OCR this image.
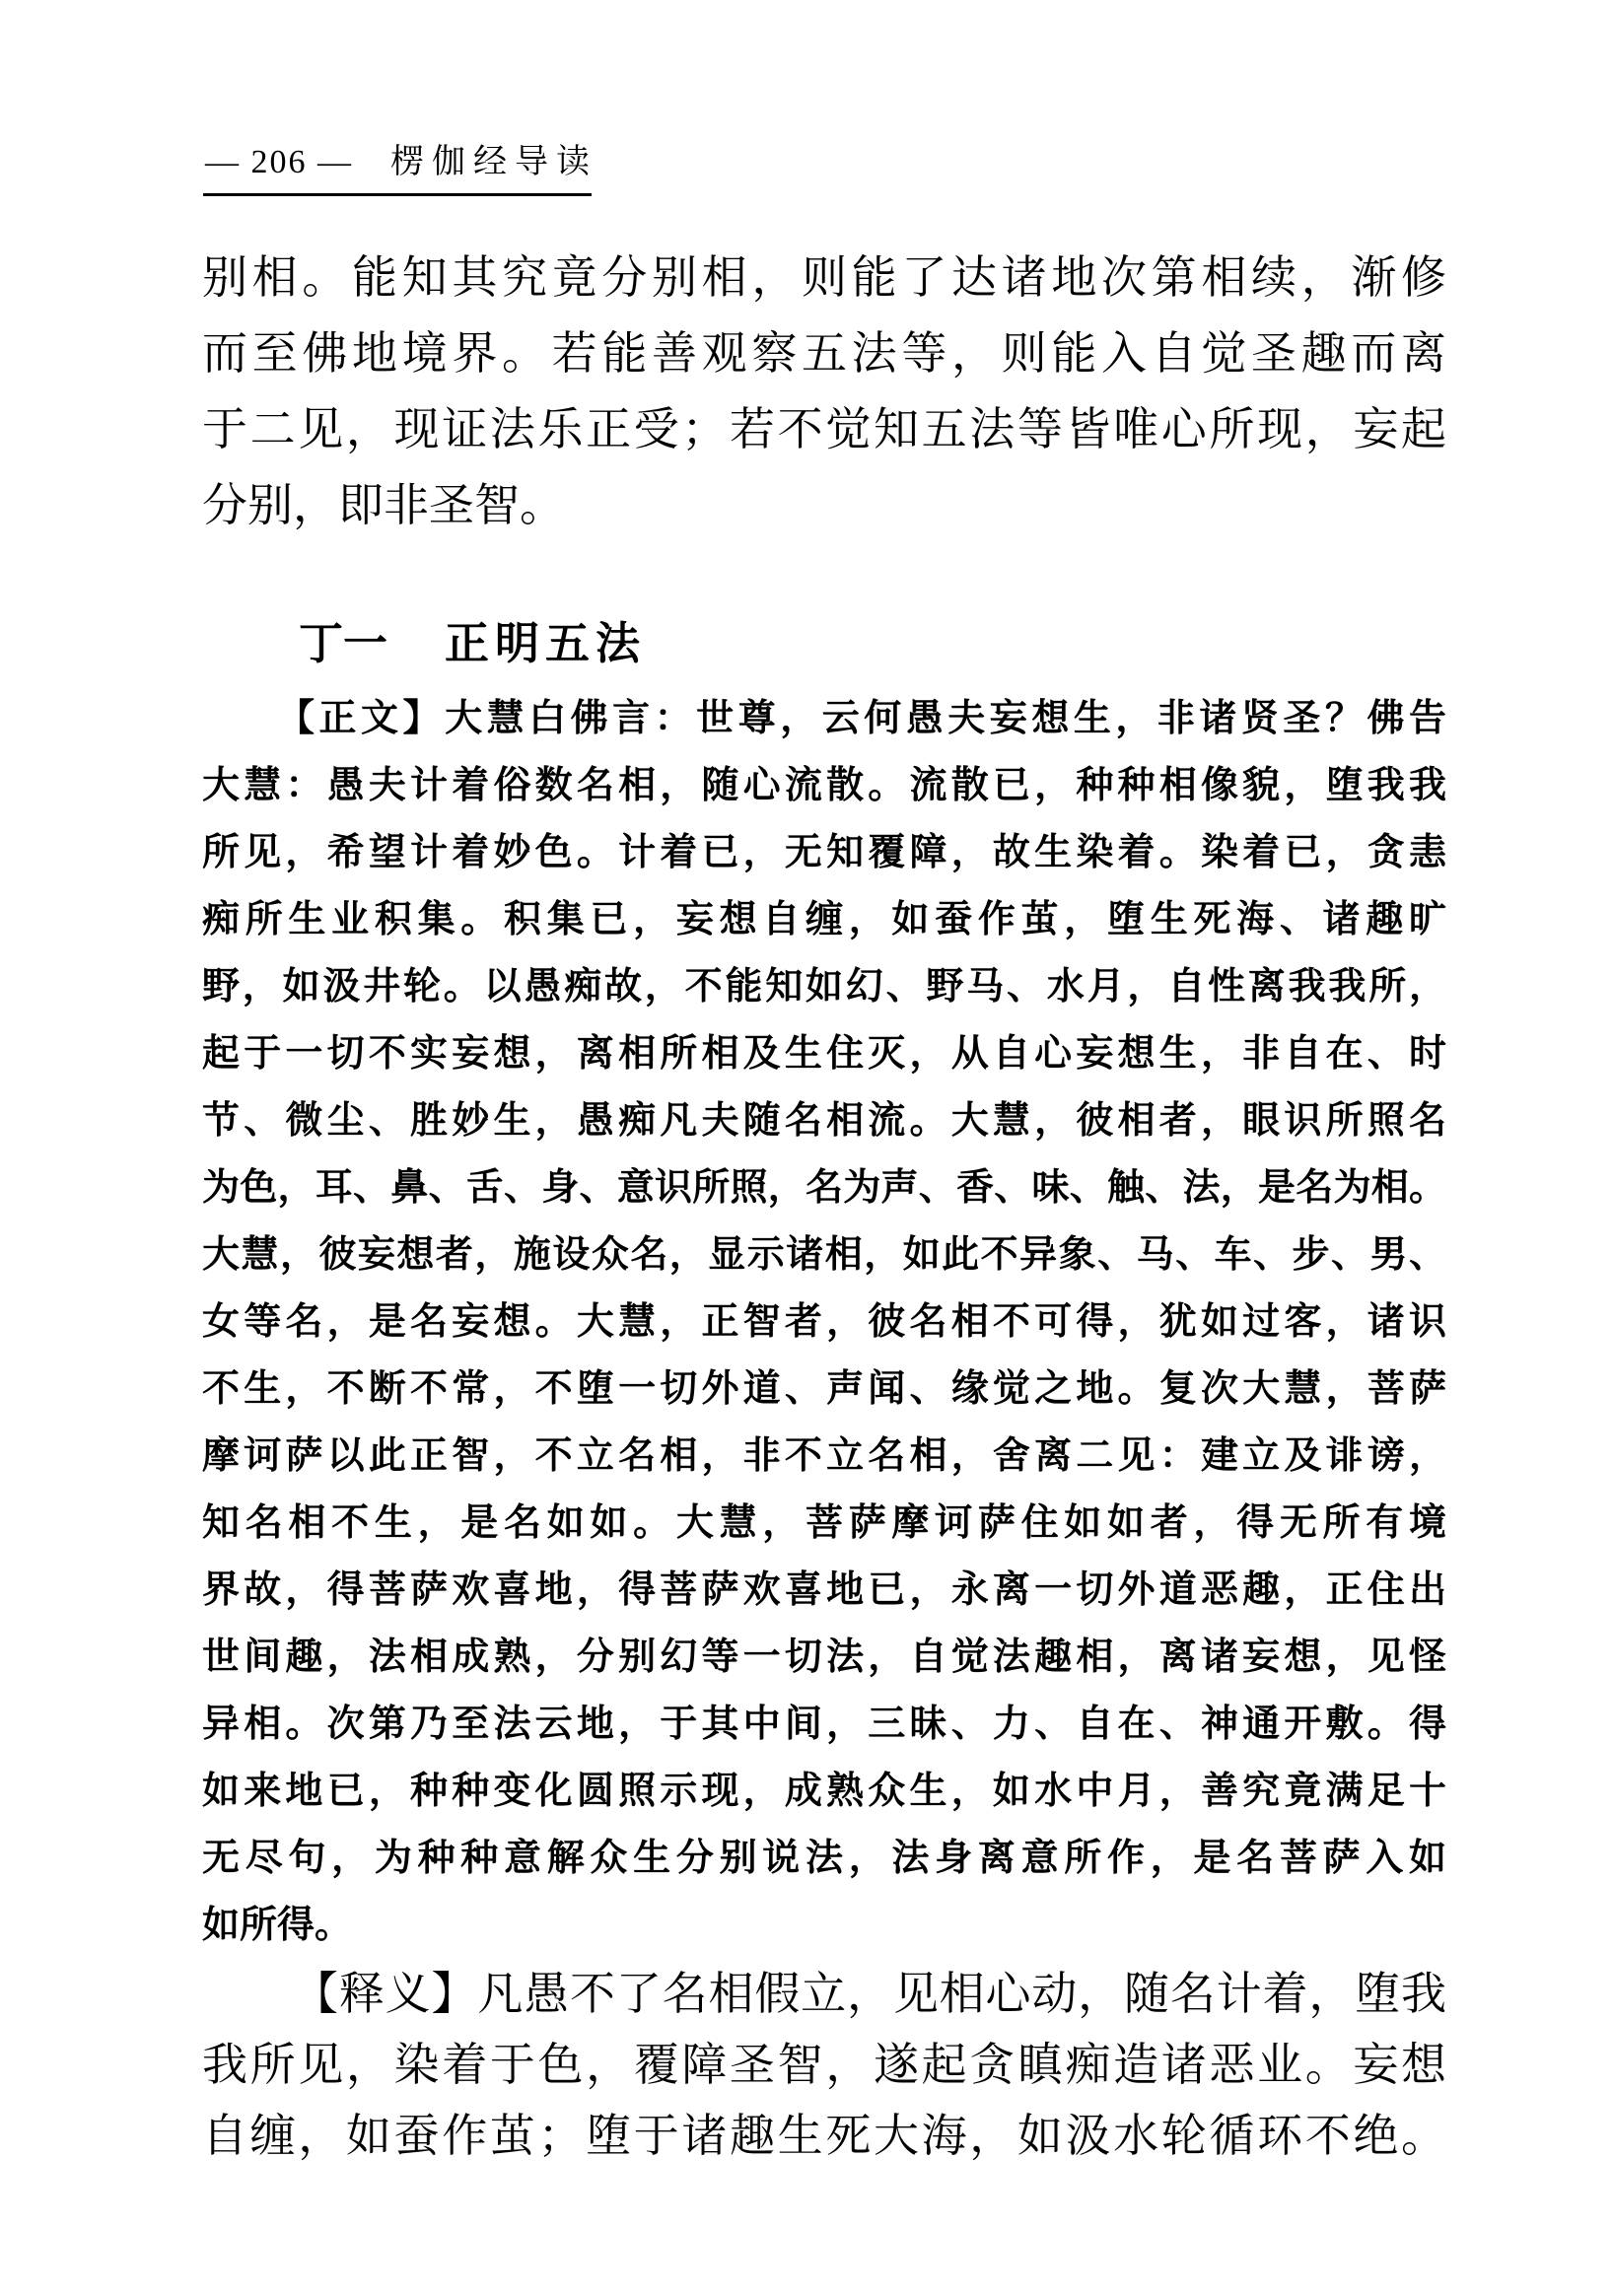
— 206 — 楞伽经导读
别相。能知其究竟分别相，则能了达诸地次第相续，渐修
而至佛地境界。若能善观察五法等，则能入自觉圣趣而离
于二见，现证法乐正受；若不觉知五法等皆唯心所现，妄起
分别，即非圣智。
丁一 正明五法
【正文】大慧白佛言：世尊，云何愚夫妄想生，非诸贤圣？佛告
大慧：愚夫计着俗数名相，随心流散。流散已，种种相像貌，堕我我
所见，希望计着妙色。计着已，无知覆障，故生染着。染着已，贪恚
痴所生业积集。积集已，妄想自缠，如蚕作茧，堕生死海、诸趣旷
野，如汲井轮。以愚痴故，不能知如幻、野马、水月，自性离我我所，
起于一切不实妄想，离相所相及生住灭，从自心妄想生，非自在、时
节、微尘、胜妙生，愚痴凡夫随名相流。大慧，彼相者，眼识所照名
为色，耳、鼻、舌、身、意识所照，名为声、香、味、触、法，是名为相。
大慧，彼妄想者，施设众名，显示诸相，如此不异象、马、车、步、男、
女等名，是名妄想。大慧，正智者，彼名相不可得，犹如过客，诸识
不生，不断不常，不堕一切外道、声闻、缘觉之地。复次大慧，菩萨
摩诃萨以此正智，不立名相，非不立名相，舍离二见：建立及诽谤，
知名相不生，是名如如。大慧，菩萨摩诃萨住如如者，得无所有境
界故，得菩萨欢喜地，得菩萨欢喜地已，永离一切外道恶趣，正住出
世间趣，法相成熟，分别幻等一切法，自觉法趣相，离诸妄想，见怪
异相。次第乃至法云地，于其中间，三昧、力、自在、神通开敷。得
如来地已，种种变化圆照示现，成熟众生，如水中月，善究竟满足十
无尽句，为种种意解众生分别说法，法身离意所作，是名菩萨入如
如所得。
【释义】凡愚不了名相假立，见相心动，随名计着，堕我
我所见，染着于色，覆障圣智，遂起贪瞋痴造诸恶业。妄想
自缠，如蚕作茧；堕于诸趣生死大海，如汲水轮循环不绝。
